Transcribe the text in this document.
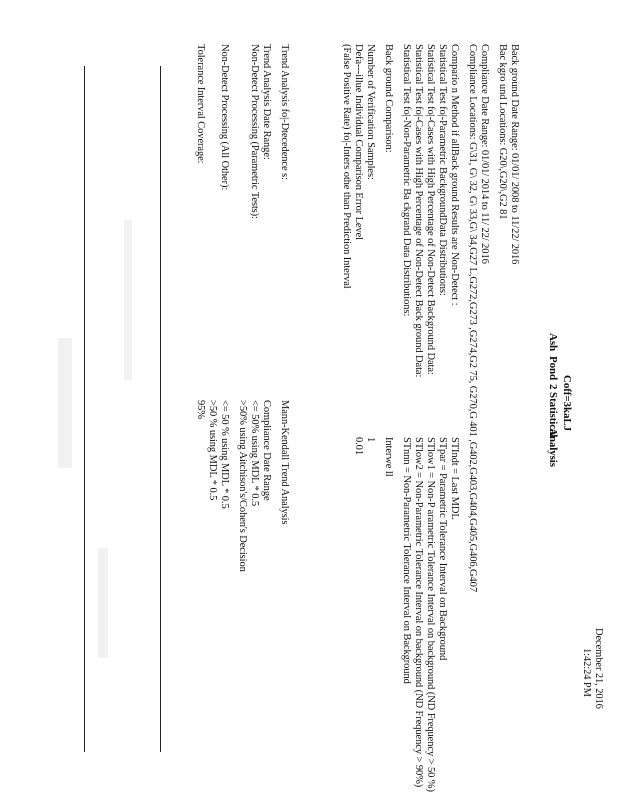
Coff=3kaLJ
Ash
Pond
2 Statistical
Analysis
December 21, 2016
1:42:24 PM
Back ground Date Range: 01/01/ 2008 to 11/22/ 2016
Bac kgro und Locations: G20\,G20\,G2 81
Compliance Date Range: 01/01/ 2014 to 11/ 22/ 2016
Compliance Locations: G\31, G\ 32, G\ 33,G\ 34,G27 L,G272,G273 ,G274,G2 75, G270,G 401 ,G402,G403,G404,G405,G406,G407
Compario n Method if allBack ground Results are Non-Detect :
STIndt = Last MDL
Statistical Test fo|-Parametric BackgroundData Distributions:
STpar = Parametric Tolerance Interval on Background
Statistical Test fo|-Cases with High Percentage of Non-Detect Background Data:
STlow1 = Non-P arametric Tolerance Interval on background (ND Frequency > 50 %)
Statistical Test fo|-Cases with High Percentage of Non-Detect Back ground Data:
STlow2 = Non-Parametric Tolerance Interval on background (ND Frequency > 90%)
Statistical Test fo|-Non-Parametric Ba ckgrand Data Distributions:
STnnn = Non-Parametric Tolerance Interval on Background
Back ground Comparison:
Interwe ll
Number of Verification Samples:
1
Defa---illue Individual Comparison Error Level
0.01
(False Positive Rate) fo|-Inters othe than Prediction Interval
Trend Analysis fo|-Dtecedence s:
Mann-Kendall Trend Analysis
Trend Analysis Date Range:
Compliance Date Range
Non-Detect Processing (Parametric Tests):
<= 50% using MDL * 0.5
>50% using Aitchison's/Cohen's Decision
Non-Detect Processing (All Other):
<= 50 % using MDL * 0.5
>50 % using MDL * 0.5
Tolerance Interval Coverage:
95%
